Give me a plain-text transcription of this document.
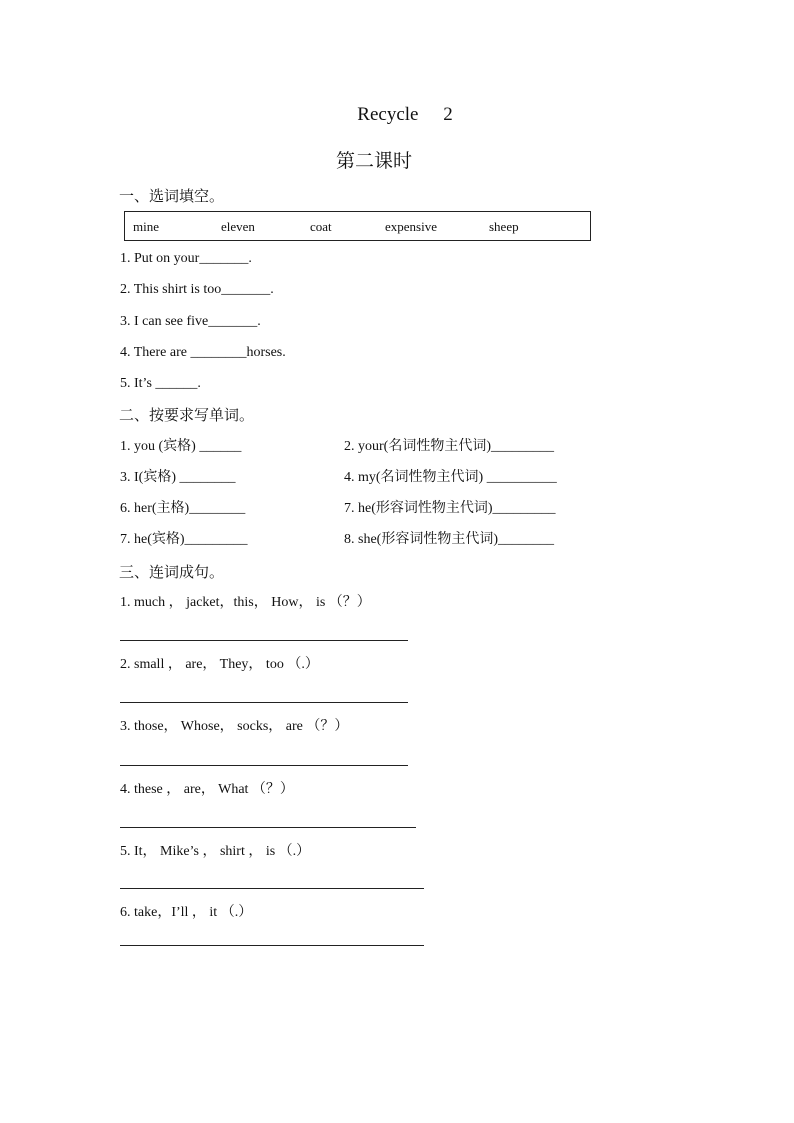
Recycle 2
第二课时
一、选词填空。
mine	eleven	coat	expensive	sheep
1. Put on your_______.
2. This shirt is too_______.
3. I can see five_______.
4. There are ________horses.
5. It’s ______.
二、按要求写单词。
1. you (宾格) ______	2. your(名词性物主代词)_________
3. I(宾格) ________	4. my(名词性物主代词) __________
6. her(主格)________	7. he(形容词性物主代词)_________
7. he(宾格)_________	8. she(形容词性物主代词)________
三、连词成句。
1. much ， jacket，this， How， is （？）
2. small ， are， They， too （.）
3. those， Whose， socks， are （？）
4. these ， are， What （？）
5. It， Mike’s ， shirt ， is （.）
6. take，I’ll ， it （.）
